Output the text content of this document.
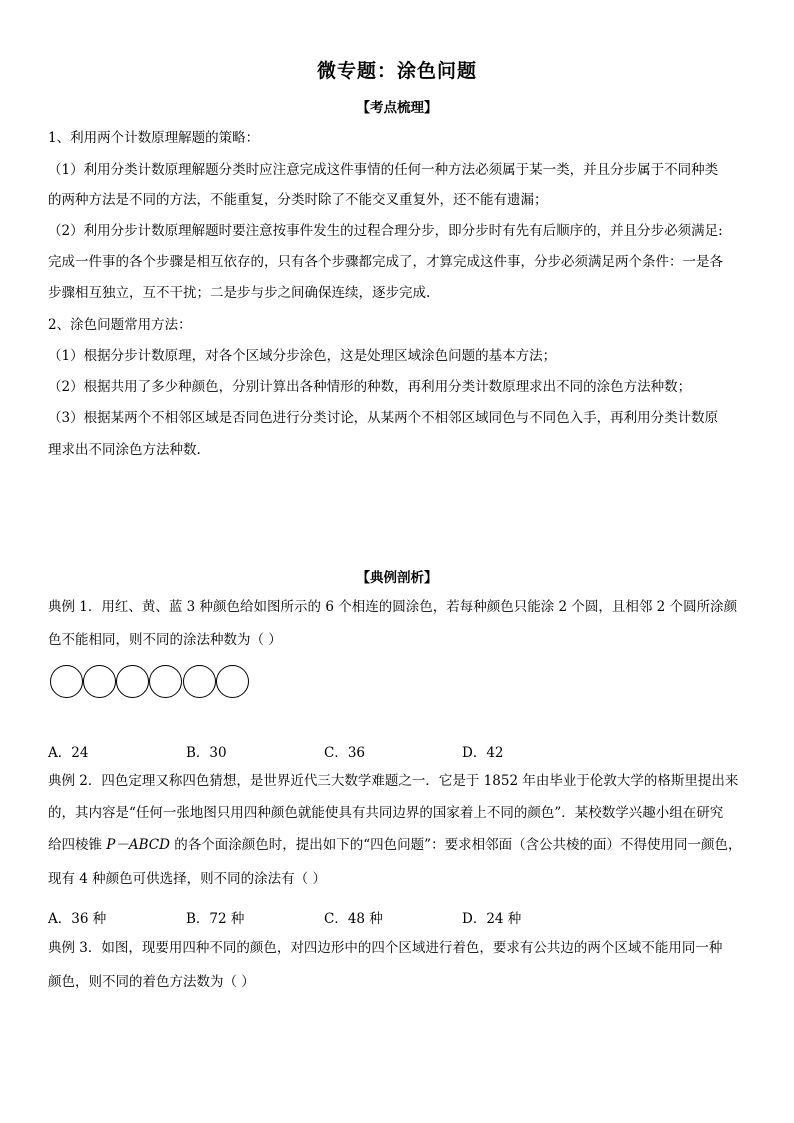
微专题：涂色问题
【考点梳理】
1、利用两个计数原理解题的策略：
（1）利用分类计数原理解题分类时应注意完成这件事情的任何一种方法必须属于某一类，并且分步属于不同种类
的两种方法是不同的方法，不能重复，分类时除了不能交叉重复外，还不能有遗漏；
（2）利用分步计数原理解题时要注意按事件发生的过程合理分步，即分步时有先有后顺序的，并且分步必须满足:
完成一件事的各个步骤是相互依存的，只有各个步骤都完成了，才算完成这件事，分步必须满足两个条件：一是各
步骤相互独立，互不干扰；二是步与步之间确保连续，逐步完成.
2、涂色问题常用方法：
（1）根据分步计数原理，对各个区域分步涂色，这是处理区域涂色问题的基本方法；
（2）根据共用了多少种颜色，分别计算出各种情形的种数，再利用分类计数原理求出不同的涂色方法种数；
（3）根据某两个不相邻区域是否同色进行分类讨论，从某两个不相邻区域同色与不同色入手，再利用分类计数原
理求出不同涂色方法种数.
【典例剖析】
典例 1．用红、黄、蓝 3 种颜色给如图所示的 6 个相连的圆涂色，若每种颜色只能涂 2 个圆，且相邻 2 个圆所涂颜
色不能相同，则不同的涂法种数为（ ）
A．24	B．30	C．36	D．42
典例 2．四色定理又称四色猜想，是世界近代三大数学难题之一．它是于 1852 年由毕业于伦敦大学的格斯里提出来
的，其内容是“任何一张地图只用四种颜色就能使具有共同边界的国家着上不同的颜色”．某校数学兴趣小组在研究
给四棱锥 P－ABCD 的各个面涂颜色时，提出如下的“四色问题”：要求相邻面（含公共棱的面）不得使用同一颜色，
现有 4 种颜色可供选择，则不同的涂法有（ ）
A．36 种	B．72 种	C．48 种	D．24 种
典例 3．如图，现要用四种不同的颜色，对四边形中的四个区域进行着色，要求有公共边的两个区域不能用同一种
颜色，则不同的着色方法数为（ ）
